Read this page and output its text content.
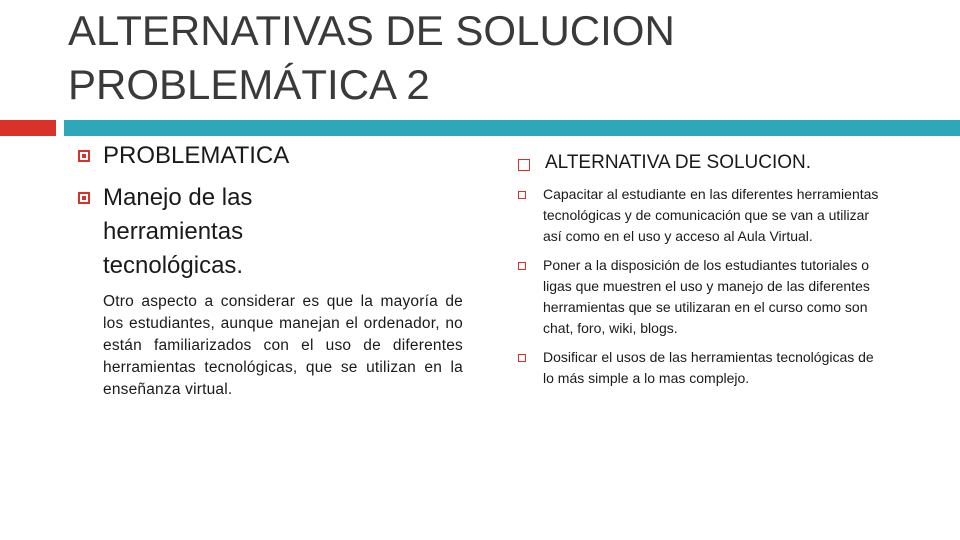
ALTERNATIVAS DE SOLUCION
PROBLEMÁTICA 2
PROBLEMATICA
Manejo de las herramientas tecnológicas.

Otro aspecto a considerar es que la mayoría de los estudiantes, aunque manejan el ordenador, no están familiarizados con el uso de diferentes herramientas tecnológicas, que se utilizan en la enseñanza virtual.

ALTERNATIVA DE SOLUCION.
Capacitar al estudiante en las diferentes herramientas tecnológicas y de comunicación que se van a utilizar así como en el uso y acceso al Aula Virtual.
Poner a la disposición de los estudiantes tutoriales o ligas que muestren el uso y manejo de las diferentes herramientas que se utilizaran en el curso como son chat, foro, wiki, blogs.
Dosificar el usos de las herramientas tecnológicas de lo más simple a lo mas complejo.
